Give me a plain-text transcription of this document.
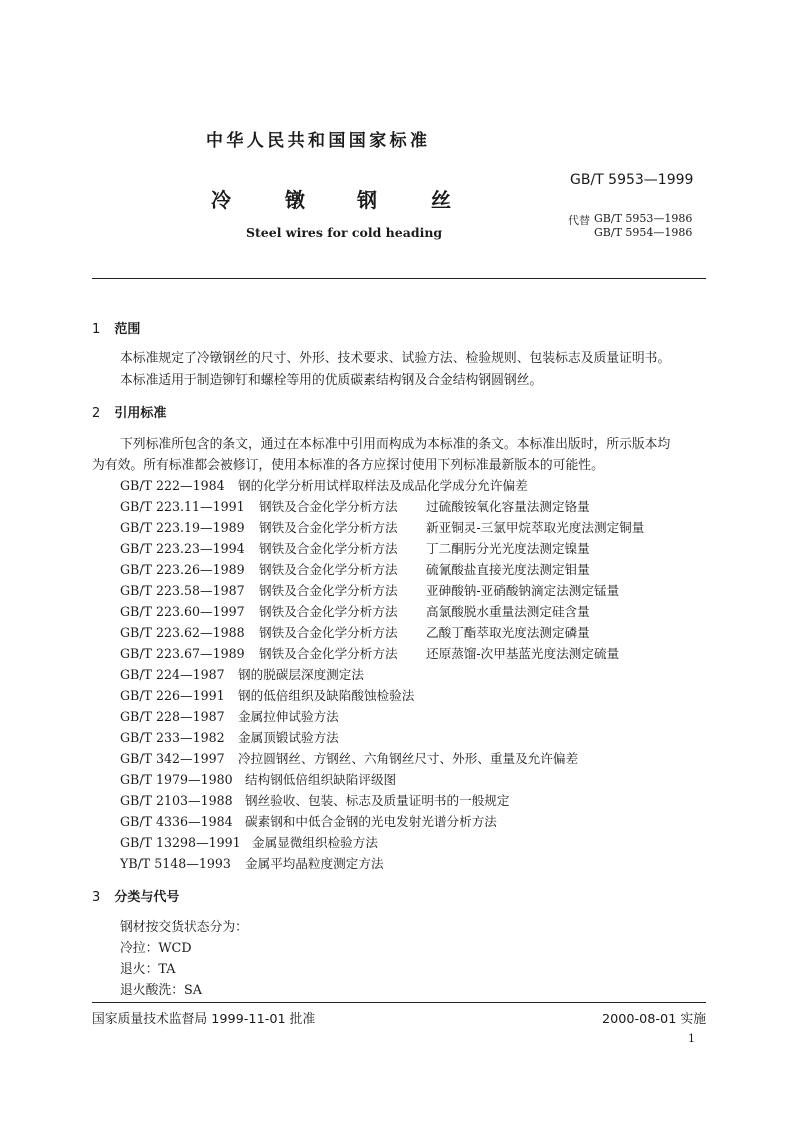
中华人民共和国国家标准
冷	镦	钢	丝
Steel wires for cold heading
GB/T 5953—1999
代替 GB/T 5953—1986
GB/T 5954—1986
1 范围
本标准规定了冷镦钢丝的尺寸、外形、技术要求、试验方法、检验规则、包装标志及质量证明书。
本标准适用于制造铆钉和螺栓等用的优质碳素结构钢及合金结构钢圆钢丝。
2 引用标准
下列标准所包含的条文，通过在本标准中引用而构成为本标准的条文。本标准出版时，所示版本均
为有效。所有标准都会被修订，使用本标准的各方应探讨使用下列标准最新版本的可能性。
GB/T 222—1984 钢的化学分析用试样取样法及成品化学成分允许偏差
GB/T 223.11—1991 钢铁及合金化学分析方法 过硫酸铵氧化容量法测定铬量
GB/T 223.19—1989 钢铁及合金化学分析方法 新亚铜灵-三氯甲烷萃取光度法测定铜量
GB/T 223.23—1994 钢铁及合金化学分析方法 丁二酮肟分光光度法测定镍量
GB/T 223.26—1989 钢铁及合金化学分析方法 硫氰酸盐直接光度法测定钼量
GB/T 223.58—1987 钢铁及合金化学分析方法 亚砷酸钠-亚硝酸钠滴定法测定锰量
GB/T 223.60—1997 钢铁及合金化学分析方法 高氯酸脱水重量法测定硅含量
GB/T 223.62—1988 钢铁及合金化学分析方法 乙酸丁酯萃取光度法测定磷量
GB/T 223.67—1989 钢铁及合金化学分析方法 还原蒸馏-次甲基蓝光度法测定硫量
GB/T 224—1987 钢的脱碳层深度测定法
GB/T 226—1991 钢的低倍组织及缺陷酸蚀检验法
GB/T 228—1987 金属拉伸试验方法
GB/T 233—1982 金属顶锻试验方法
GB/T 342—1997 冷拉圆钢丝、方钢丝、六角钢丝尺寸、外形、重量及允许偏差
GB/T 1979—1980 结构钢低倍组织缺陷评级图
GB/T 2103—1988 钢丝验收、包装、标志及质量证明书的一般规定
GB/T 4336—1984 碳素钢和中低合金钢的光电发射光谱分析方法
GB/T 13298—1991 金属显微组织检验方法
YB/T 5148—1993 金属平均晶粒度测定方法
3 分类与代号
钢材按交货状态分为：
冷拉：WCD
退火：TA
退火酸洗：SA
国家质量技术监督局 1999-11-01 批准	2000-08-01 实施
1
